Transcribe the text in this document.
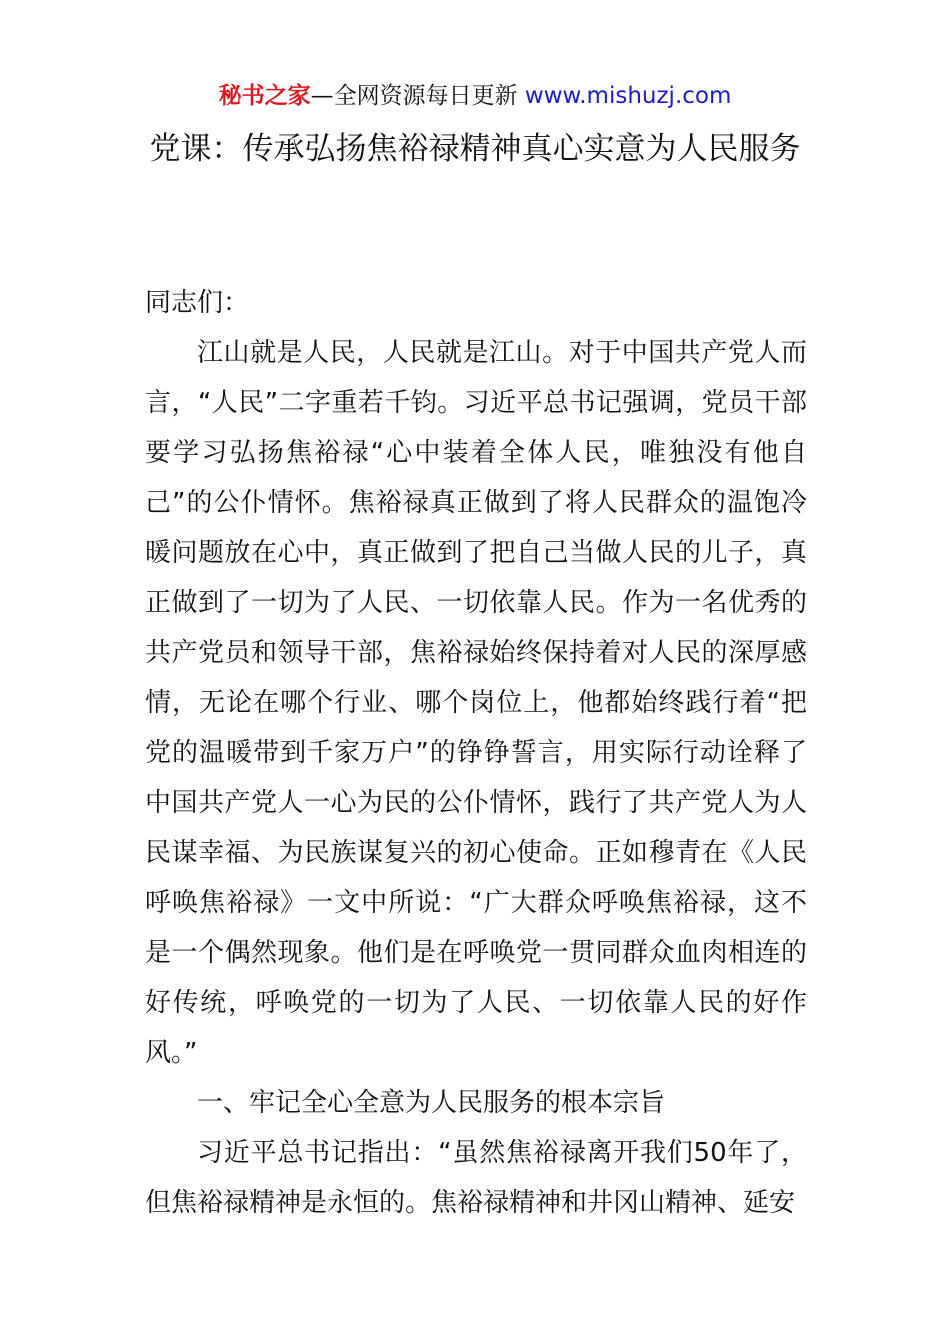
秘书之家—全网资源每日更新 www.mishuzj.com
党课：传承弘扬焦裕禄精神真心实意为人民服务

同志们：

江山就是人民，人民就是江山。对于中国共产党人而言，“人民”二字重若千钧。习近平总书记强调，党员干部要学习弘扬焦裕禄“心中装着全体人民，唯独没有他自己”的公仆情怀。焦裕禄真正做到了将人民群众的温饱冷暖问题放在心中，真正做到了把自己当做人民的儿子，真正做到了一切为了人民、一切依靠人民。作为一名优秀的共产党员和领导干部，焦裕禄始终保持着对人民的深厚感情，无论在哪个行业、哪个岗位上，他都始终践行着“把党的温暖带到千家万户”的铮铮誓言，用实际行动诠释了中国共产党人一心为民的公仆情怀，践行了共产党人为人民谋幸福、为民族谋复兴的初心使命。正如穆青在《人民呼唤焦裕禄》一文中所说：“广大群众呼唤焦裕禄，这不是一个偶然现象。他们是在呼唤党一贯同群众血肉相连的好传统，呼唤党的一切为了人民、一切依靠人民的好作风。”

一、牢记全心全意为人民服务的根本宗旨

习近平总书记指出：“虽然焦裕禄离开我们50年了，但焦裕禄精神是永恒的。焦裕禄精神和井冈山精神、延安
